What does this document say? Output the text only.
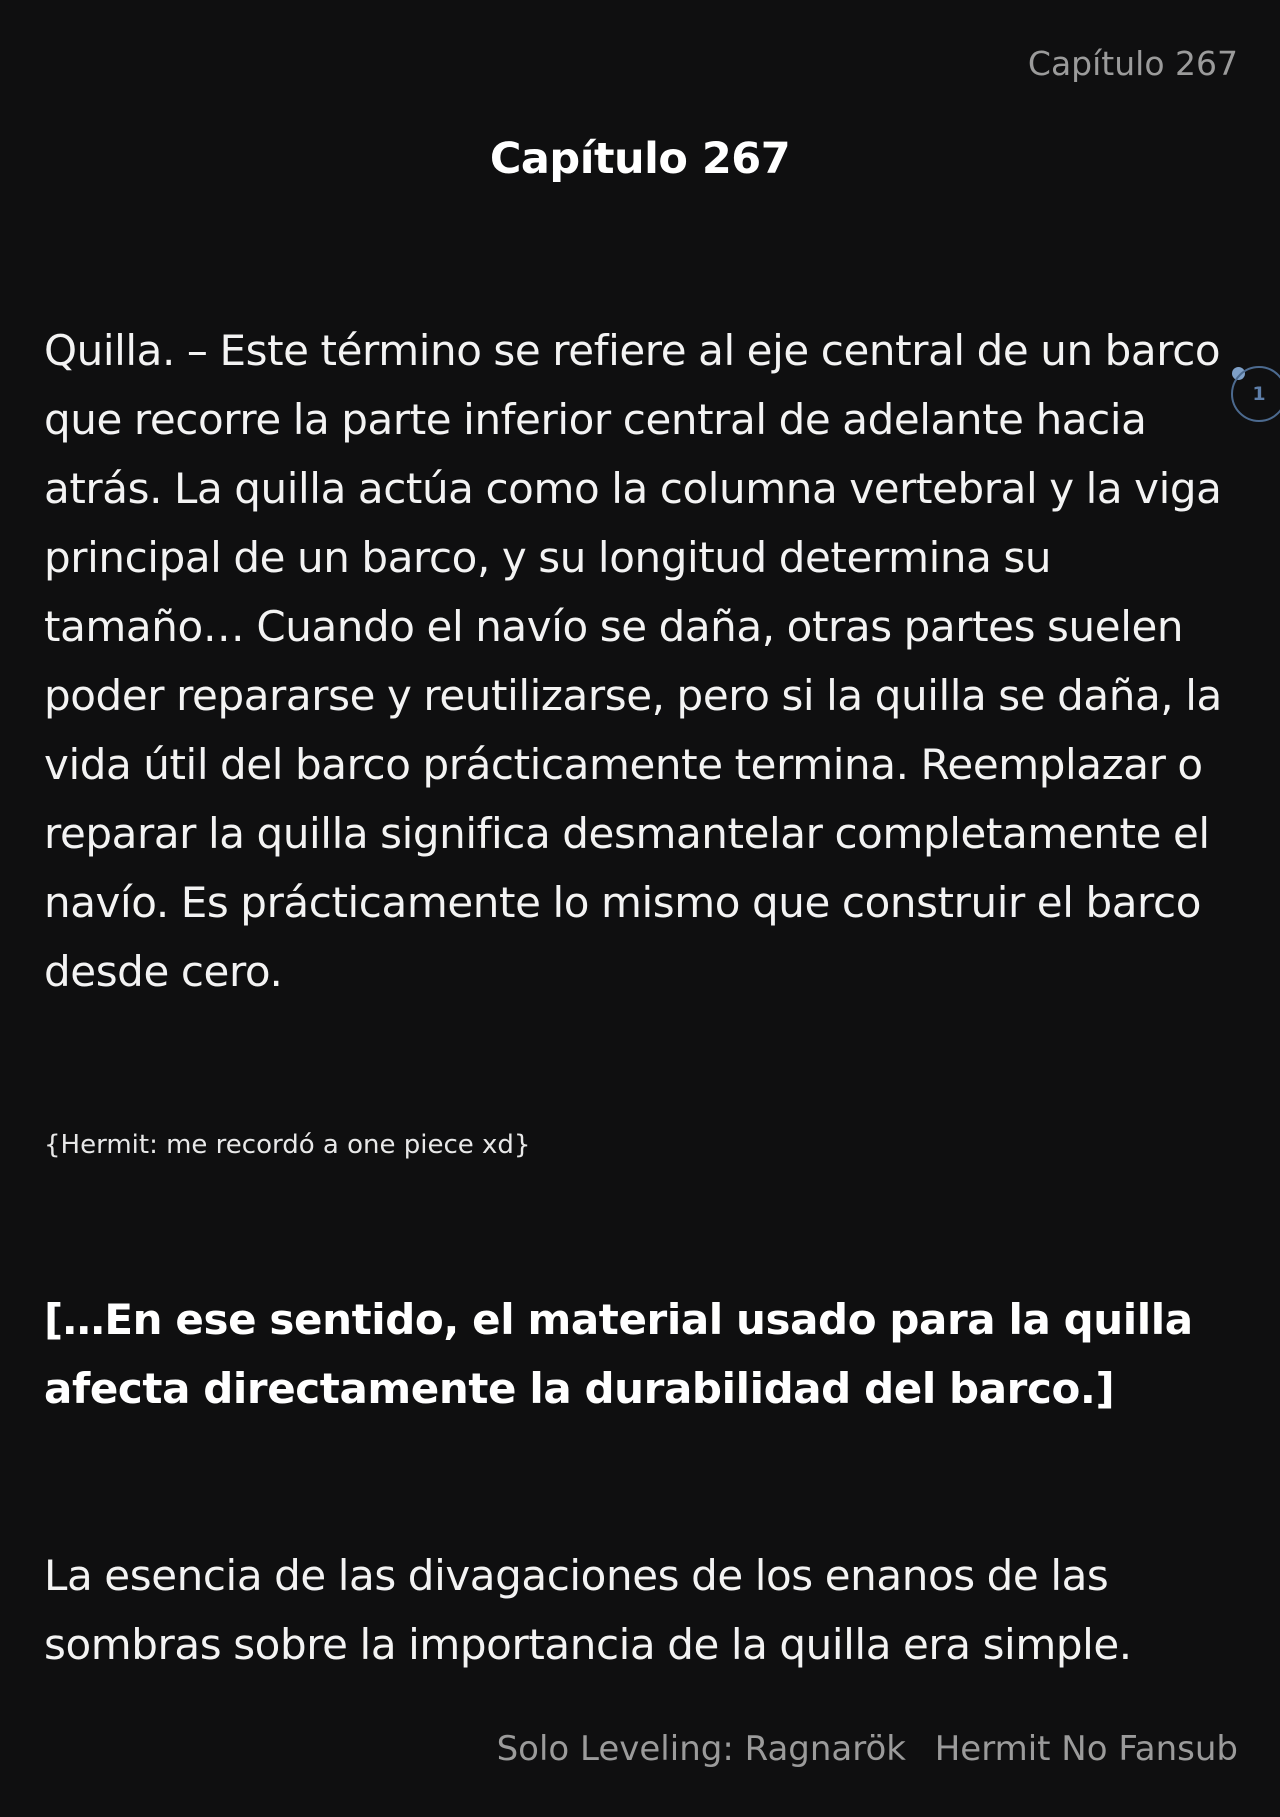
Capítulo 267
Capítulo 267

Quilla. – Este término se refiere al eje central de un barco que recorre la parte inferior central de adelante hacia atrás. La quilla actúa como la columna vertebral y la viga principal de un barco, y su longitud determina su tamaño… Cuando el navío se daña, otras partes suelen poder repararse y reutilizarse, pero si la quilla se daña, la vida útil del barco prácticamente termina. Reemplazar o reparar la quilla significa desmantelar completamente el navío. Es prácticamente lo mismo que construir el barco desde cero.

1
{Hermit: me recordó a one piece xd}

[…En ese sentido, el material usado para la quilla afecta directamente la durabilidad del barco.]

La esencia de las divagaciones de los enanos de las sombras sobre la importancia de la quilla era simple.

Solo Leveling: Ragnarök Hermit No Fansub
